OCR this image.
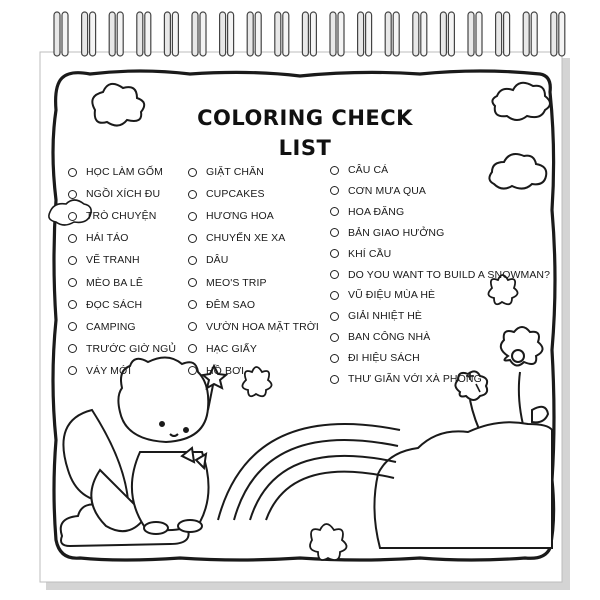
COLORING CHECK LIST
HỌC LÀM GỐM
NGỒI XÍCH ĐU
TRÒ CHUYỆN
HÁI TÁO
VẼ TRANH
MÈO BA LÊ
ĐỌC SÁCH
CAMPING
TRƯỚC GIỜ NGỦ
VÁY MỚI
GIẶT CHĂN
CUPCAKES
HƯƠNG HOA
CHUYẾN XE XA
DÂU
MEO'S TRIP
ĐÊM SAO
VƯỜN HOA MẶT TRỜI
HẠC GIẤY
HỒ BƠI
CÂU CÁ
CƠN MƯA QUA
HOA ĐĂNG
BẢN GIAO HƯỞNG
KHÍ CẦU
DO YOU WANT TO BUILD A SNOWMAN?
VŨ ĐIỆU MÙA HÈ
GIẢI NHIỆT HÈ
BAN CÔNG NHÀ
ĐI HIỆU SÁCH
THƯ GIÃN VỚI XÀ PHÒNG
